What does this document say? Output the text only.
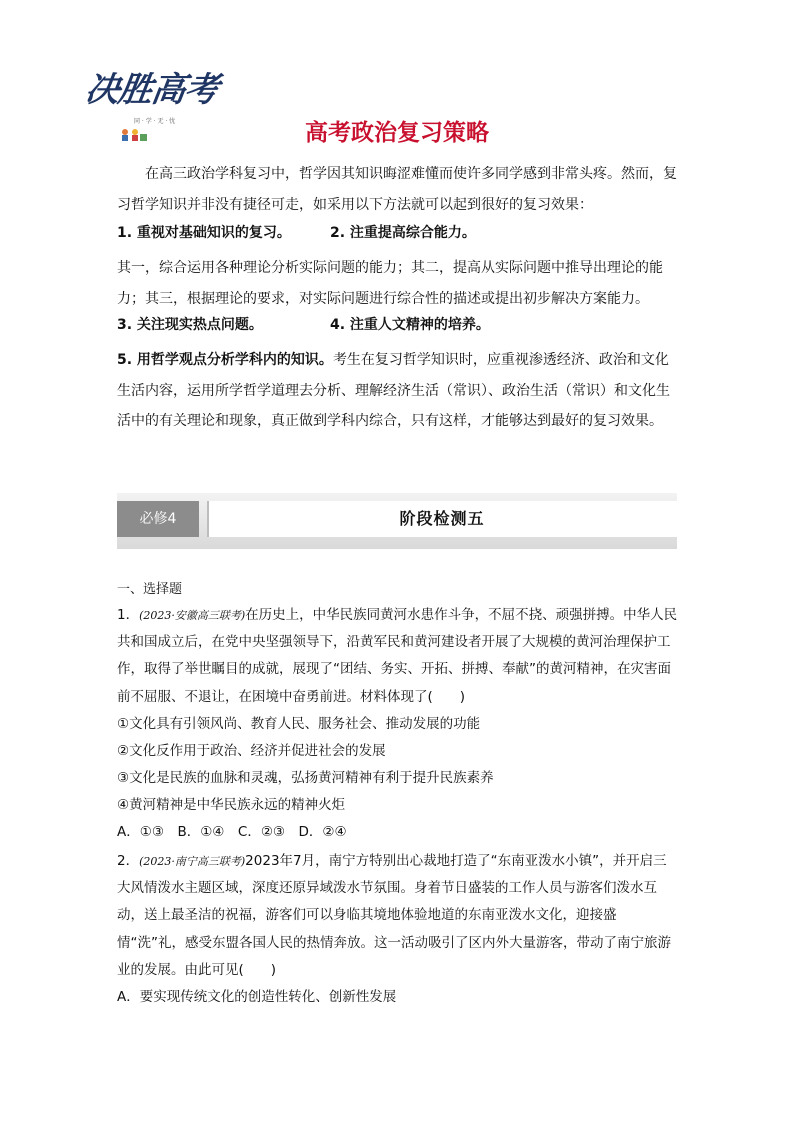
决胜高考
同 · 学 · 无 · 忧	高考政治复习策略
在高三政治学科复习中，哲学因其知识晦涩难懂而使许多同学感到非常头疼。然而，复习哲学知识并非没有捷径可走，如采用以下方法就可以起到很好的复习效果：
1. 重视对基础知识的复习。	2. 注重提高综合能力。
其一，综合运用各种理论分析实际问题的能力；其二，提高从实际问题中推导出理论的能力；其三，根据理论的要求，对实际问题进行综合性的描述或提出初步解决方案能力。
3. 关注现实热点问题。	4. 注重人文精神的培养。
5. 用哲学观点分析学科内的知识。考生在复习哲学知识时，应重视渗透经济、政治和文化生活内容，运用所学哲学道理去分析、理解经济生活（常识）、政治生活（常识）和文化生活中的有关理论和现象，真正做到学科内综合，只有这样，才能够达到最好的复习效果。
必修4	阶段检测五
一、选择题
1．(2023·安徽高三联考)在历史上，中华民族同黄河水患作斗争，不屈不挠、顽强拼搏。中华人民共和国成立后，在党中央坚强领导下，沿黄军民和黄河建设者开展了大规模的黄河治理保护工作，取得了举世瞩目的成就，展现了“团结、务实、开拓、拼搏、奉献”的黄河精神，在灾害面前不屈服、不退让，在困境中奋勇前进。材料体现了(　　)
①文化具有引领风尚、教育人民、服务社会、推动发展的功能
②文化反作用于政治、经济并促进社会的发展
③文化是民族的血脉和灵魂，弘扬黄河精神有利于提升民族素养
④黄河精神是中华民族永远的精神火炬
A．①③　B．①④　C．②③　D．②④
2．(2023·南宁高三联考)2023年7月，南宁方特别出心裁地打造了“东南亚泼水小镇”，并开启三大风情泼水主题区域，深度还原异域泼水节氛围。身着节日盛装的工作人员与游客们泼水互动，送上最圣洁的祝福，游客们可以身临其境地体验地道的东南亚泼水文化，迎接盛情“洗”礼，感受东盟各国人民的热情奔放。这一活动吸引了区内外大量游客，带动了南宁旅游业的发展。由此可见(　　)
A．要实现传统文化的创造性转化、创新性发展
